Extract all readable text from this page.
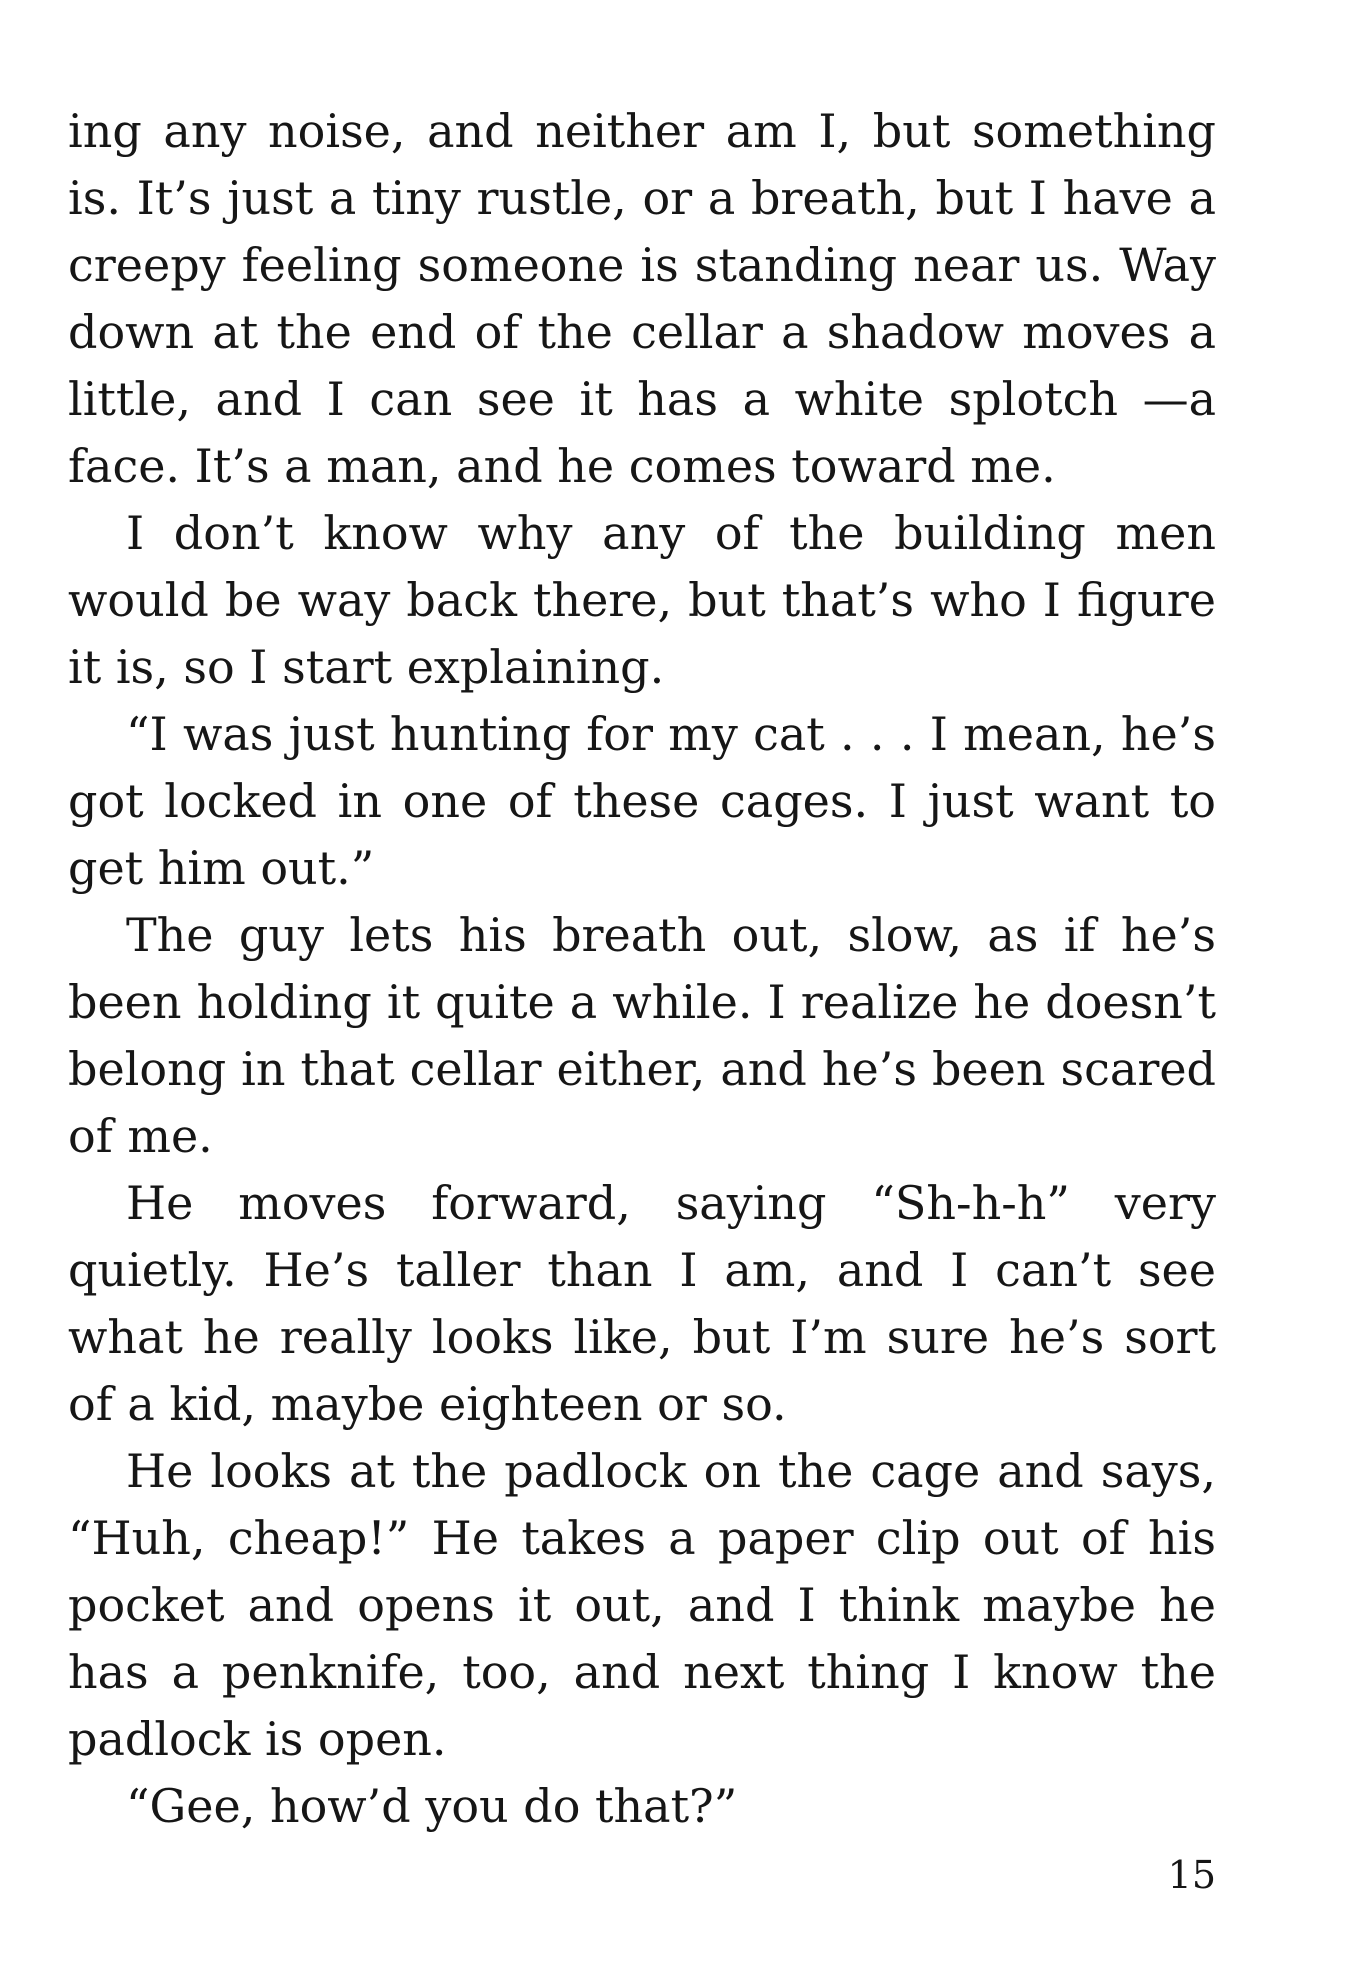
ing any noise, and neither am I, but something is. It’s just a tiny rustle, or a breath, but I have a creepy feeling someone is standing near us. Way down at the end of the cellar a shadow moves a little, and I can see it has a white splotch —a face. It’s a man, and he comes toward me.

I don’t know why any of the building men would be way back there, but that’s who I figure it is, so I start explaining.

“I was just hunting for my cat . . . I mean, he’s got locked in one of these cages. I just want to get him out.”

The guy lets his breath out, slow, as if he’s been holding it quite a while. I realize he doesn’t belong in that cellar either, and he’s been scared of me.

He moves forward, saying “Sh-h-h” very quietly. He’s taller than I am, and I can’t see what he really looks like, but I’m sure he’s sort of a kid, maybe eighteen or so.

He looks at the padlock on the cage and says, “Huh, cheap!” He takes a paper clip out of his pocket and opens it out, and I think maybe he has a penknife, too, and next thing I know the padlock is open.

“Gee, how’d you do that?”

15
